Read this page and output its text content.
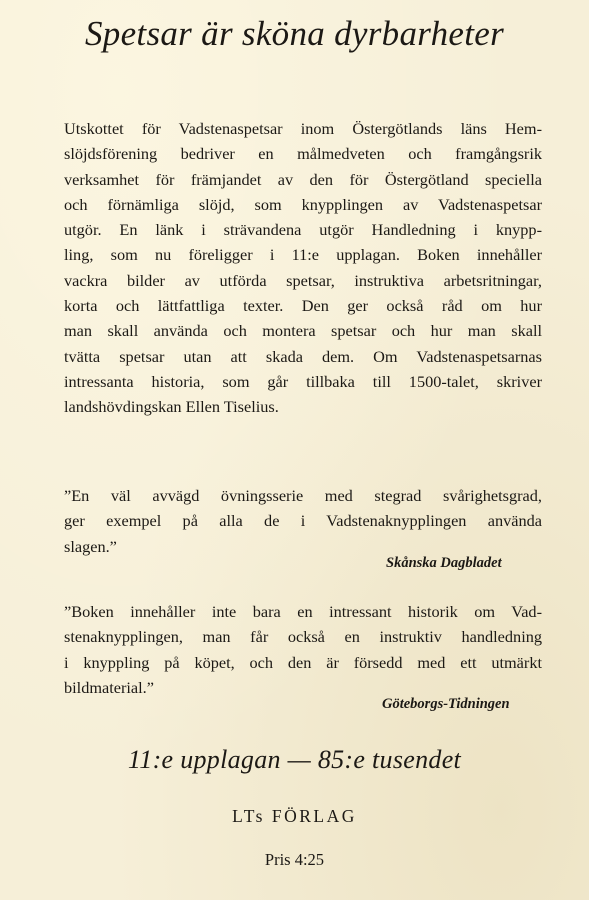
Spetsar är sköna dyrbarheter
Utskottet för Vadstenaspetsar inom Östergötlands läns Hem-
slöjdsförening bedriver en målmedveten och framgångsrik
verksamhet för främjandet av den för Östergötland speciella
och förnämliga slöjd, som knypplingen av Vadstenaspetsar
utgör. En länk i strävandena utgör Handledning i knypp-
ling, som nu föreligger i 11:e upplagan. Boken innehåller
vackra bilder av utförda spetsar, instruktiva arbetsritningar,
korta och lättfattliga texter. Den ger också råd om hur
man skall använda och montera spetsar och hur man skall
tvätta spetsar utan att skada dem. Om Vadstenaspetsarnas
intressanta historia, som går tillbaka till 1500-talet, skriver
landshövdingskan Ellen Tiselius.
”En väl avvägd övningsserie med stegrad svårighetsgrad,
ger exempel på alla de i Vadstenaknypplingen använda
slagen.”

Skånska Dagbladet

”Boken innehåller inte bara en intressant historik om Vad-
stenaknypplingen, man får också en instruktiv handledning
i knyppling på köpet, och den är försedd med ett utmärkt
bildmaterial.”

Göteborgs-Tidningen

11:e upplagan — 85:e tusendet

LTs FÖRLAG

Pris 4:25
